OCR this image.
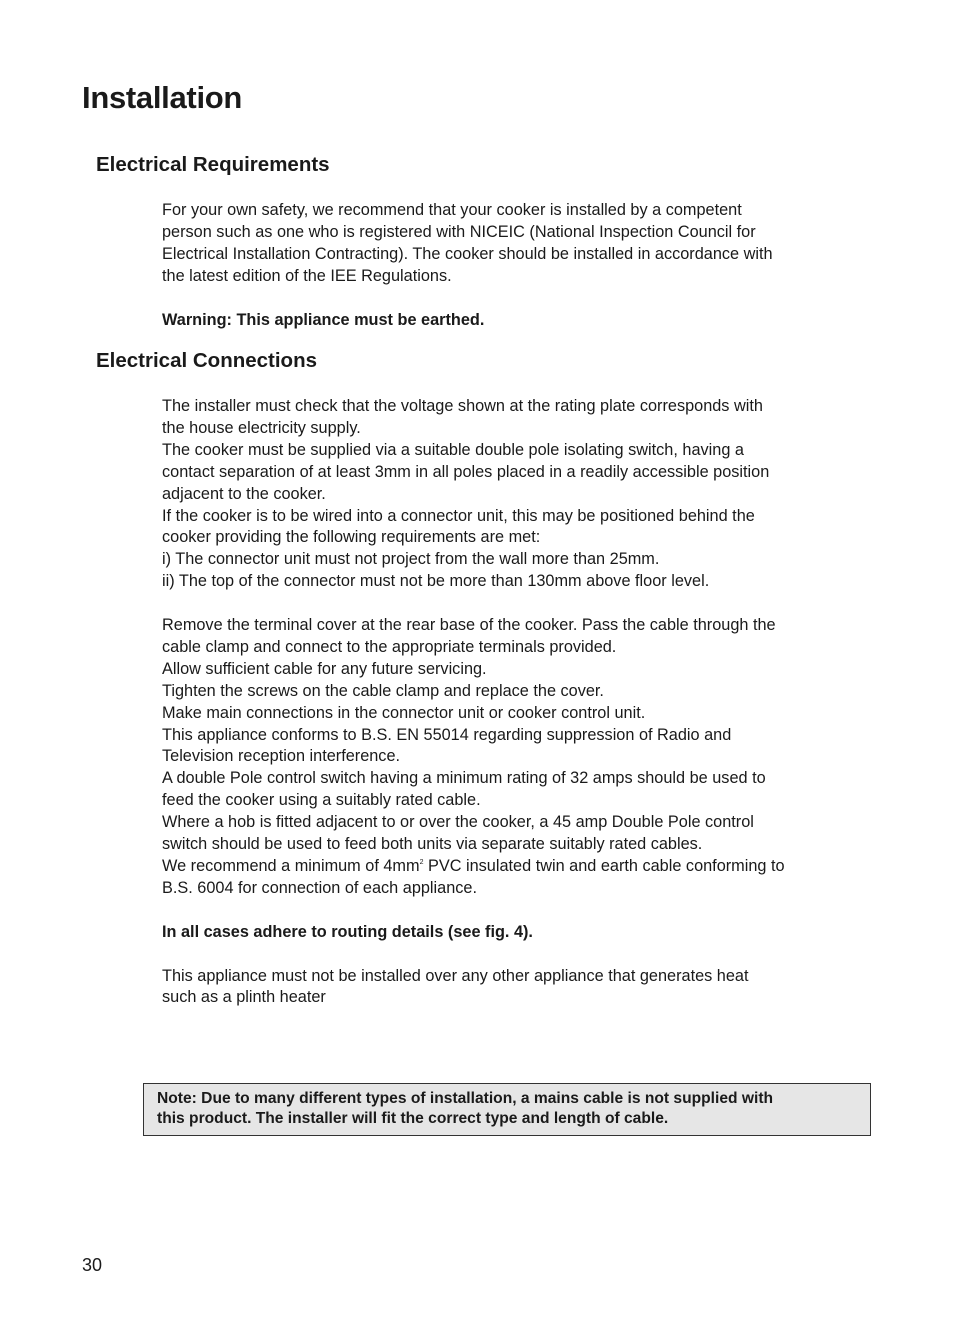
Installation
Electrical Requirements
For your own safety, we recommend that your cooker is installed by a competent
person such as one who is registered with NICEIC (National Inspection Council for
Electrical Installation Contracting). The cooker should be installed in accordance with
the latest edition of the IEE Regulations.
Warning: This appliance must be earthed.
Electrical Connections
The installer must check that the voltage shown at the rating plate corresponds with
the house electricity supply.
The cooker must be supplied via a suitable double pole isolating switch, having a
contact separation of at least 3mm in all poles placed in a readily accessible position
adjacent to the cooker.
If the cooker is to be wired into a connector unit, this may be positioned behind the
cooker providing the following requirements are met:
i) The connector unit must not project from the wall more than 25mm.
ii) The top of the connector must not be more than 130mm above floor level.
Remove the terminal cover at the rear base of the cooker. Pass the cable through the
cable clamp and connect to the appropriate terminals provided.
Allow sufficient cable for any future servicing.
Tighten the screws on the cable clamp and replace the cover.
Make main connections in the connector unit or cooker control unit.
This appliance conforms to B.S. EN 55014 regarding suppression of Radio and
Television reception interference.
A double Pole control switch having a minimum rating of 32 amps should be used to
feed the cooker using a suitably rated cable.
Where a hob is fitted adjacent to or over the cooker, a 45 amp Double Pole control
switch should be used to feed both units via separate suitably rated cables.
We recommend a minimum of $4mm^2$ PVC insulated twin and earth cable conforming to
B.S. 6004 for connection of each appliance.
In all cases adhere to routing details (see fig. 4).
This appliance must not be installed over any other appliance that generates heat
such as a plinth heater
Note: Due to many different types of installation, a mains cable is not supplied with
this product. The installer will fit the correct type and length of cable.

30
